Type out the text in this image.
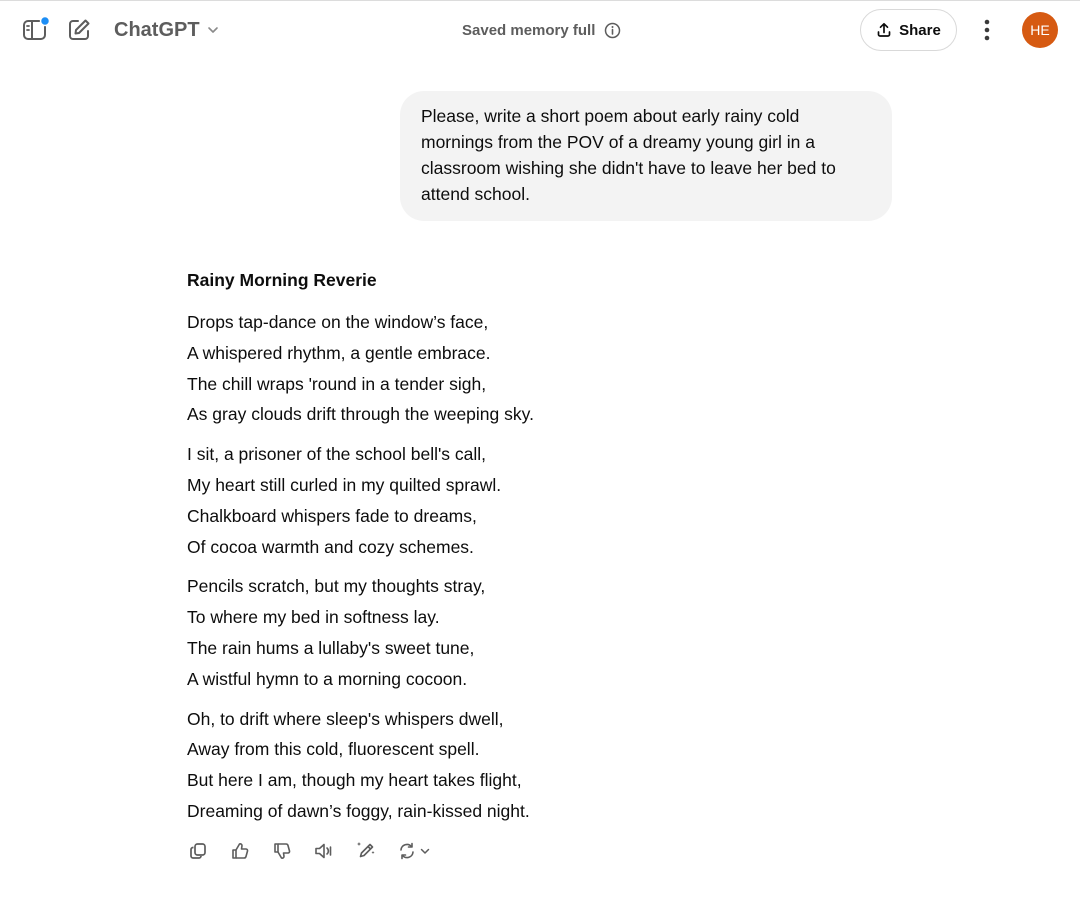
ChatGPT	Saved memory full	Share	HE
Please, write a short poem about early rainy cold mornings from the POV of a dreamy young girl in a classroom wishing she didn't have to leave her bed to attend school.
Rainy Morning Reverie
Drops tap-dance on the window’s face,
A whispered rhythm, a gentle embrace.
The chill wraps 'round in a tender sigh,
As gray clouds drift through the weeping sky.
I sit, a prisoner of the school bell's call,
My heart still curled in my quilted sprawl.
Chalkboard whispers fade to dreams,
Of cocoa warmth and cozy schemes.
Pencils scratch, but my thoughts stray,
To where my bed in softness lay.
The rain hums a lullaby's sweet tune,
A wistful hymn to a morning cocoon.
Oh, to drift where sleep's whispers dwell,
Away from this cold, fluorescent spell.
But here I am, though my heart takes flight,
Dreaming of dawn’s foggy, rain-kissed night.
